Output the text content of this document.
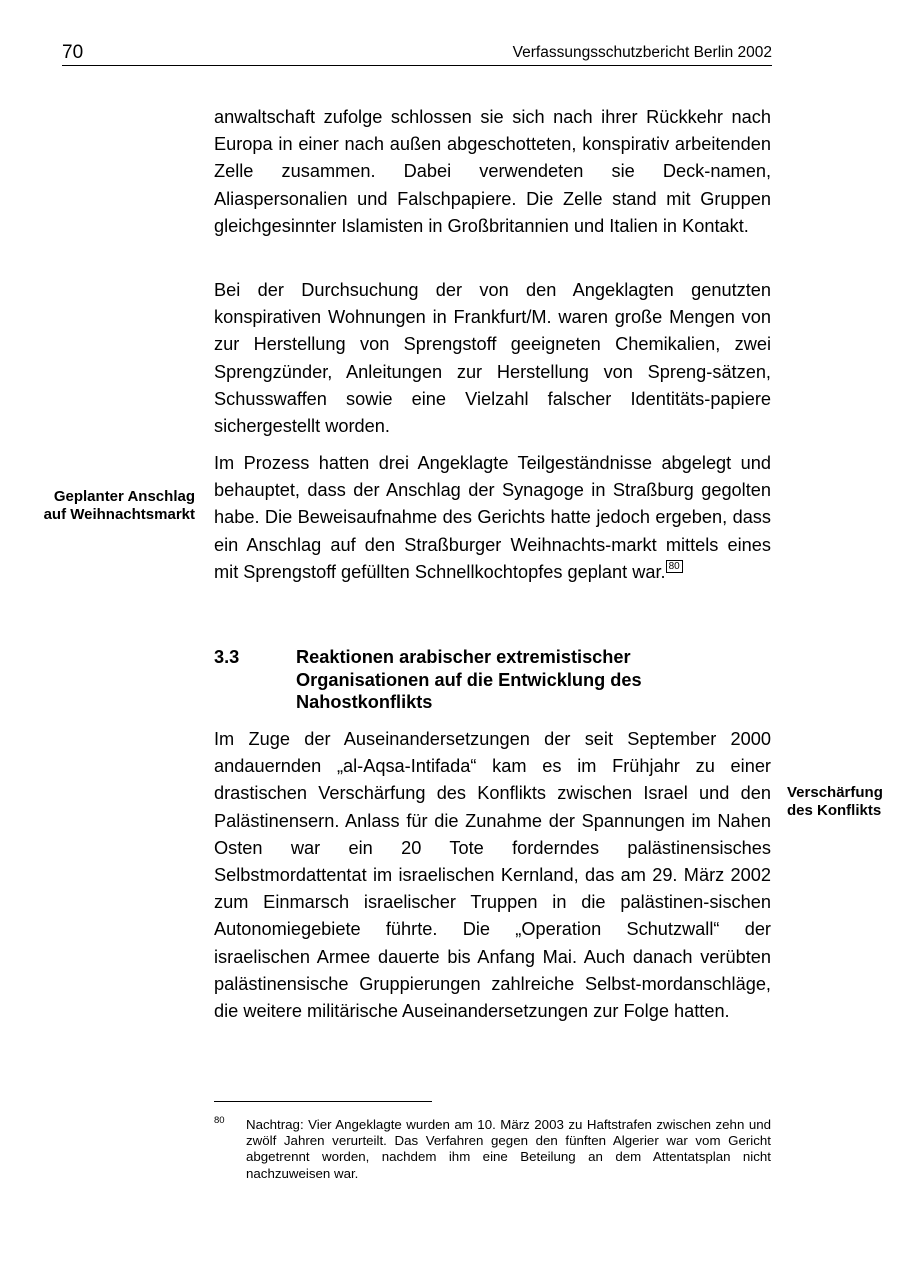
70	Verfassungsschutzbericht Berlin 2002

anwaltschaft zufolge schlossen sie sich nach ihrer Rückkehr nach Europa in einer nach außen abgeschotteten, konspirativ arbeitenden Zelle zusammen. Dabei verwendeten sie Deck-namen, Aliaspersonalien und Falschpapiere. Die Zelle stand mit Gruppen gleichgesinnter Islamisten in Großbritannien und Italien in Kontakt.

Bei der Durchsuchung der von den Angeklagten genutzten konspirativen Wohnungen in Frankfurt/M. waren große Mengen von zur Herstellung von Sprengstoff geeigneten Chemikalien, zwei Sprengzünder, Anleitungen zur Herstellung von Spreng-sätzen, Schusswaffen sowie eine Vielzahl falscher Identitäts-papiere sichergestellt worden.

Geplanter Anschlag auf Weihnachtsmarkt

Im Prozess hatten drei Angeklagte Teilgeständnisse abgelegt und behauptet, dass der Anschlag der Synagoge in Straßburg gegolten habe. Die Beweisaufnahme des Gerichts hatte jedoch ergeben, dass ein Anschlag auf den Straßburger Weihnachts-markt mittels eines mit Sprengstoff gefüllten Schnellkochtopfes geplant war. $^{80}$

3.3	Reaktionen arabischer extremistischer Organisationen auf die Entwicklung des Nahostkonflikts
Verschärfung des Konflikts

Im Zuge der Auseinandersetzungen der seit September 2000 andauernden „al-Aqsa-Intifada“ kam es im Frühjahr zu einer drastischen Verschärfung des Konflikts zwischen Israel und den Palästinensern. Anlass für die Zunahme der Spannungen im Nahen Osten war ein 20 Tote forderndes palästinensisches Selbstmordattentat im israelischen Kernland, das am 29. März 2002 zum Einmarsch israelischer Truppen in die palästinen-sischen Autonomiegebiete führte. Die „Operation Schutzwall“ der israelischen Armee dauerte bis Anfang Mai. Auch danach verübten palästinensische Gruppierungen zahlreiche Selbst-mordanschläge, die weitere militärische Auseinandersetzungen zur Folge hatten.

80 Nachtrag: Vier Angeklagte wurden am 10. März 2003 zu Haftstrafen zwischen zehn und zwölf Jahren verurteilt. Das Verfahren gegen den fünften Algerier war vom Gericht abgetrennt worden, nachdem ihm eine Beteilung an dem Attentatsplan nicht nachzuweisen war.
